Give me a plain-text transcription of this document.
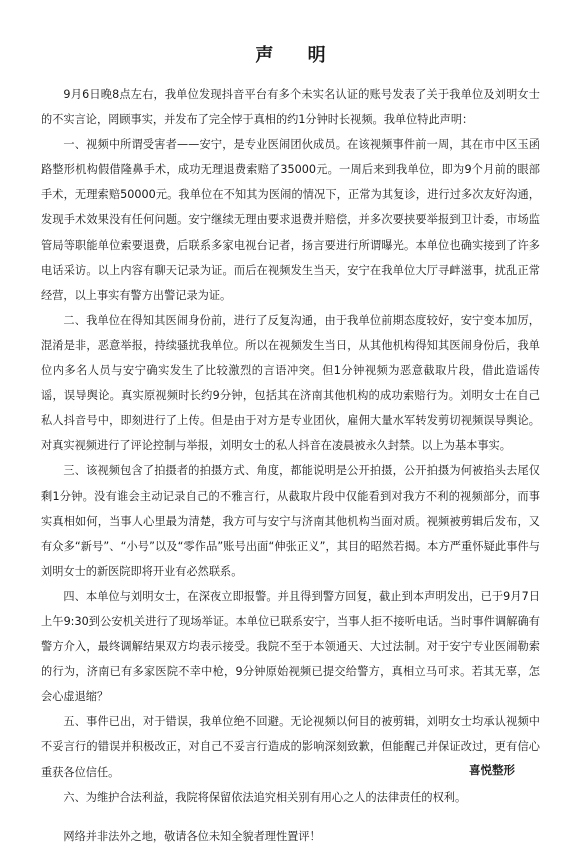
声 明

9月6日晚8点左右，我单位发现抖音平台有多个未实名认证的账号发表了关于我单位及刘明女士的不实言论，罔顾事实，并发布了完全悖于真相的约1分钟时长视频。我单位特此声明：

一、视频中所谓受害者——安宁，是专业医闹团伙成员。在该视频事件前一周，其在市中区玉函路整形机构假借隆鼻手术，成功无理退费索赔了35000元。一周后来到我单位，即为9个月前的眼部手术，无理索赔50000元。我单位在不知其为医闹的情况下，正常为其复诊，进行过多次友好沟通，发现手术效果没有任何问题。安宁继续无理由要求退费并赔偿，并多次要挟要举报到卫计委，市场监管局等职能单位索要退费，后联系多家电视台记者，扬言要进行所谓曝光。本单位也确实接到了许多电话采访。以上内容有聊天记录为证。而后在视频发生当天，安宁在我单位大厅寻衅滋事，扰乱正常经营，以上事实有警方出警记录为证。

二、我单位在得知其医闹身份前，进行了反复沟通，由于我单位前期态度较好，安宁变本加厉，混淆是非，恶意举报，持续骚扰我单位。所以在视频发生当日，从其他机构得知其医闹身份后，我单位内多名人员与安宁确实发生了比较激烈的言语冲突。但1分钟视频为恶意截取片段，借此造谣传谣，误导舆论。真实原视频时长约9分钟，包括其在济南其他机构的成功索赔行为。刘明女士在自己私人抖音号中，即刻进行了上传。但是由于对方是专业团伙，雇佣大量水军转发剪切视频误导舆论。对真实视频进行了评论控制与举报，刘明女士的私人抖音在凌晨被永久封禁。以上为基本事实。

三、该视频包含了拍摄者的拍摄方式、角度，都能说明是公开拍摄，公开拍摄为何被掐头去尾仅剩1分钟。没有谁会主动记录自己的不雅言行，从截取片段中仅能看到对我方不利的视频部分，而事实真相如何，当事人心里最为清楚，我方可与安宁与济南其他机构当面对质。视频被剪辑后发布，又有众多“新号”、“小号”以及“零作品”账号出面“伸张正义”，其目的昭然若揭。本方严重怀疑此事件与刘明女士的新医院即将开业有必然联系。

四、本单位与刘明女士，在深夜立即报警。并且得到警方回复，截止到本声明发出，已于9月7日上午9:30到公安机关进行了现场举证。本单位已联系安宁，当事人拒不接听电话。当时事件调解确有警方介入，最终调解结果双方均表示接受。我院不至于本领通天、大过法制。对于安宁专业医闹勒索的行为，济南已有多家医院不幸中枪，9分钟原始视频已提交给警方，真相立马可求。若其无辜，怎会心虚退缩？

五、事件已出，对于错误，我单位绝不回避。无论视频以何目的被剪辑，刘明女士均承认视频中不妥言行的错误并积极改正，对自己不妥言行造成的影响深刻致歉，但能醒己并保证改过，更有信心重获各位信任。

六、为维护合法利益，我院将保留依法追究相关别有用心之人的法律责任的权利。

网络并非法外之地，敬请各位未知全貌者理性置评！

喜悦整形
